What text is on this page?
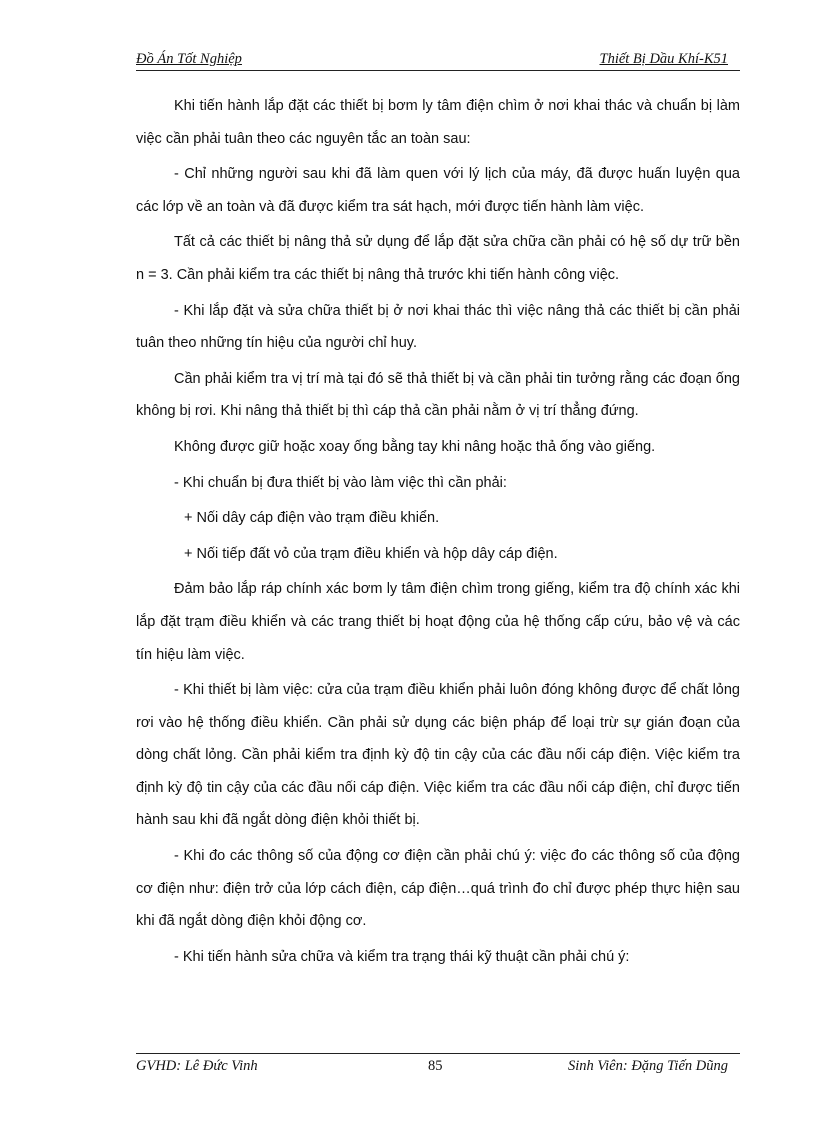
Đồ Án Tốt Nghiệp	Thiết Bị Dầu Khí-K51

Khi tiến hành lắp đặt các thiết bị bơm ly tâm điện chìm ở nơi khai thác và chuẩn bị làm việc cần phải tuân theo các nguyên tắc an toàn sau:

- Chỉ những người sau khi đã làm quen với lý lịch của máy, đã được huấn luyện qua các lớp về an toàn và đã được kiểm tra sát hạch, mới được tiến hành làm việc.

Tất cả các thiết bị nâng thả sử dụng để lắp đặt sửa chữa cần phải có hệ số dự trữ bền n = 3. Cần phải kiểm tra các thiết bị nâng thả trước khi tiến hành công việc.

- Khi lắp đặt và sửa chữa thiết bị ở nơi khai thác thì việc nâng thả các thiết bị cần phải tuân theo những tín hiệu của người chỉ huy.

Cần phải kiểm tra vị trí mà tại đó sẽ thả thiết bị và cần phải tin tưởng rằng các đoạn ống không bị rơi. Khi nâng thả thiết bị thì cáp thả cần phải nằm ở vị trí thẳng đứng.

Không được giữ hoặc xoay ống bằng tay khi nâng hoặc thả ống vào giếng.

- Khi chuẩn bị đưa thiết bị vào làm việc thì cần phải:

+ Nối dây cáp điện vào trạm điều khiển.

+ Nối tiếp đất vỏ của trạm điều khiển và hộp dây cáp điện.

Đảm bảo lắp ráp chính xác bơm ly tâm điện chìm trong giếng, kiểm tra độ chính xác khi lắp đặt trạm điều khiển và các trang thiết bị hoạt động của hệ thống cấp cứu, bảo vệ và các tín hiệu làm việc.

- Khi thiết bị làm việc: cửa của trạm điều khiển phải luôn đóng không được để chất lỏng rơi vào hệ thống điều khiển. Cần phải sử dụng các biện pháp để loại trừ sự gián đoạn của dòng chất lỏng. Cần phải kiểm tra định kỳ độ tin cậy của các đầu nối cáp điện. Việc kiểm tra định kỳ độ tin cậy của các đầu nối cáp điện. Việc kiểm tra các đầu nối cáp điện, chỉ được tiến hành sau khi đã ngắt dòng điện khỏi thiết bị.

- Khi đo các thông số của động cơ điện cần phải chú ý: việc đo các thông số của động cơ điện như: điện trở của lớp cách điện, cáp điện…quá trình đo chỉ được phép thực hiện sau khi đã ngắt dòng điện khỏi động cơ.

- Khi tiến hành sửa chữa và kiểm tra trạng thái kỹ thuật cần phải chú ý:

GVHD: Lê Đức Vinh	85	Sinh Viên: Đặng Tiến Dũng
